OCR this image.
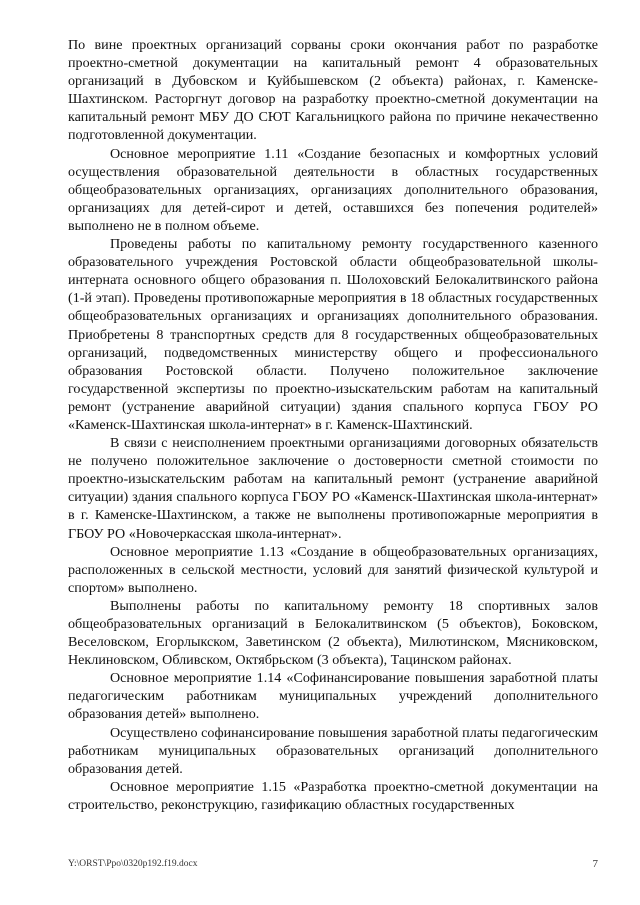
По вине проектных организаций сорваны сроки окончания работ по разработке проектно-сметной документации на капитальный ремонт 4 образовательных организаций в Дубовском и Куйбышевском (2 объекта) районах, г. Каменске-Шахтинском. Расторгнут договор на разработку проектно-сметной документации на капитальный ремонт МБУ ДО СЮТ Кагальницкого района по причине некачественно подготовленной документации.

Основное мероприятие 1.11 «Создание безопасных и комфортных условий осуществления образовательной деятельности в областных государственных общеобразовательных организациях, организациях дополнительного образования, организациях для детей-сирот и детей, оставшихся без попечения родителей» выполнено не в полном объеме.

Проведены работы по капитальному ремонту государственного казенного образовательного учреждения Ростовской области общеобразовательной школы-интерната основного общего образования п. Шолоховский Белокалитвинского района (1-й этап). Проведены противопожарные мероприятия в 18 областных государственных общеобразовательных организациях и организациях дополнительного образования. Приобретены 8 транспортных средств для 8 государственных общеобразовательных организаций, подведомственных министерству общего и профессионального образования Ростовской области. Получено положительное заключение государственной экспертизы по проектно-изыскательским работам на капитальный ремонт (устранение аварийной ситуации) здания спального корпуса ГБОУ РО «Каменск-Шахтинская школа-интернат» в г. Каменск-Шахтинский.

В связи с неисполнением проектными организациями договорных обязательств не получено положительное заключение о достоверности сметной стоимости по проектно-изыскательским работам на капитальный ремонт (устранение аварийной ситуации) здания спального корпуса ГБОУ РО «Каменск-Шахтинская школа-интернат» в г. Каменске-Шахтинском, а также не выполнены противопожарные мероприятия в ГБОУ РО «Новочеркасская школа-интернат».

Основное мероприятие 1.13 «Создание в общеобразовательных организациях, расположенных в сельской местности, условий для занятий физической культурой и спортом» выполнено.

Выполнены работы по капитальному ремонту 18 спортивных залов общеобразовательных организаций в Белокалитвинском (5 объектов), Боковском, Веселовском, Егорлыкском, Заветинском (2 объекта), Милютинском, Мясниковском, Неклиновском, Обливском, Октябрьском (3 объекта), Тацинском районах.

Основное мероприятие 1.14 «Софинансирование повышения заработной платы педагогическим работникам муниципальных учреждений дополнительного образования детей» выполнено.

Осуществлено софинансирование повышения заработной платы педагогическим работникам муниципальных образовательных организаций дополнительного образования детей.

Основное мероприятие 1.15 «Разработка проектно-сметной документации на строительство, реконструкцию, газификацию областных государственных

Y:\ORST\Ppo\0320p192.f19.docx	7
